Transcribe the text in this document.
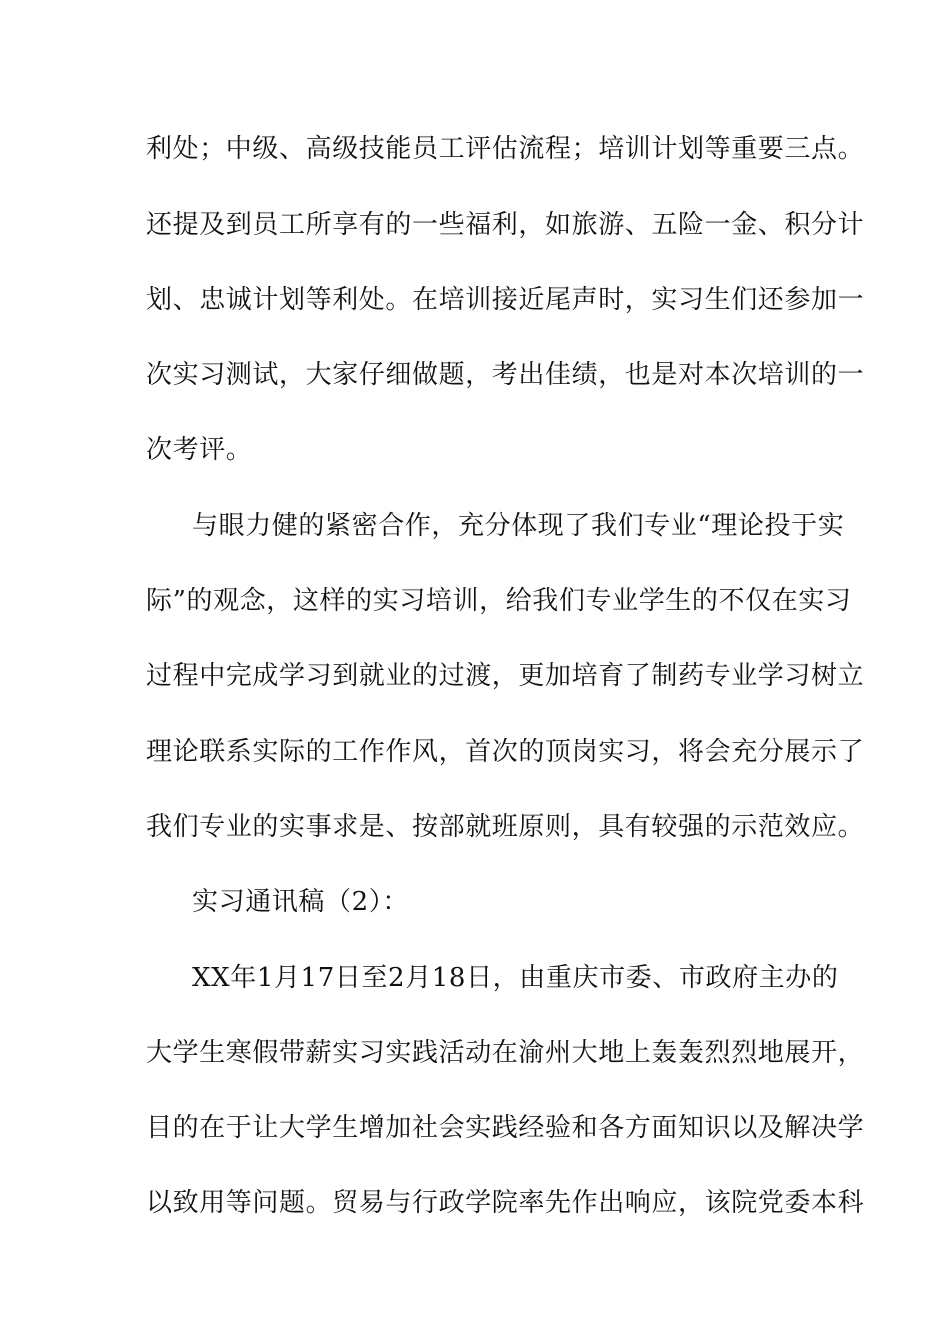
利处；中级、高级技能员工评估流程；培训计划等重要三点。
还提及到员工所享有的一些福利，如旅游、五险一金、积分计
划、忠诚计划等利处。在培训接近尾声时，实习生们还参加一
次实习测试，大家仔细做题，考出佳绩，也是对本次培训的一
次考评。
与眼力健的紧密合作，充分体现了我们专业“理论投于实
际”的观念，这样的实习培训，给我们专业学生的不仅在实习
过程中完成学习到就业的过渡，更加培育了制药专业学习树立
理论联系实际的工作作风，首次的顶岗实习，将会充分展示了
我们专业的实事求是、按部就班原则，具有较强的示范效应。
实习通讯稿（2）：
XX年1月17日至2月18日，由重庆市委、市政府主办的
大学生寒假带薪实习实践活动在渝州大地上轰轰烈烈地展开，
目的在于让大学生增加社会实践经验和各方面知识以及解决学
以致用等问题。贸易与行政学院率先作出响应，该院党委本科
